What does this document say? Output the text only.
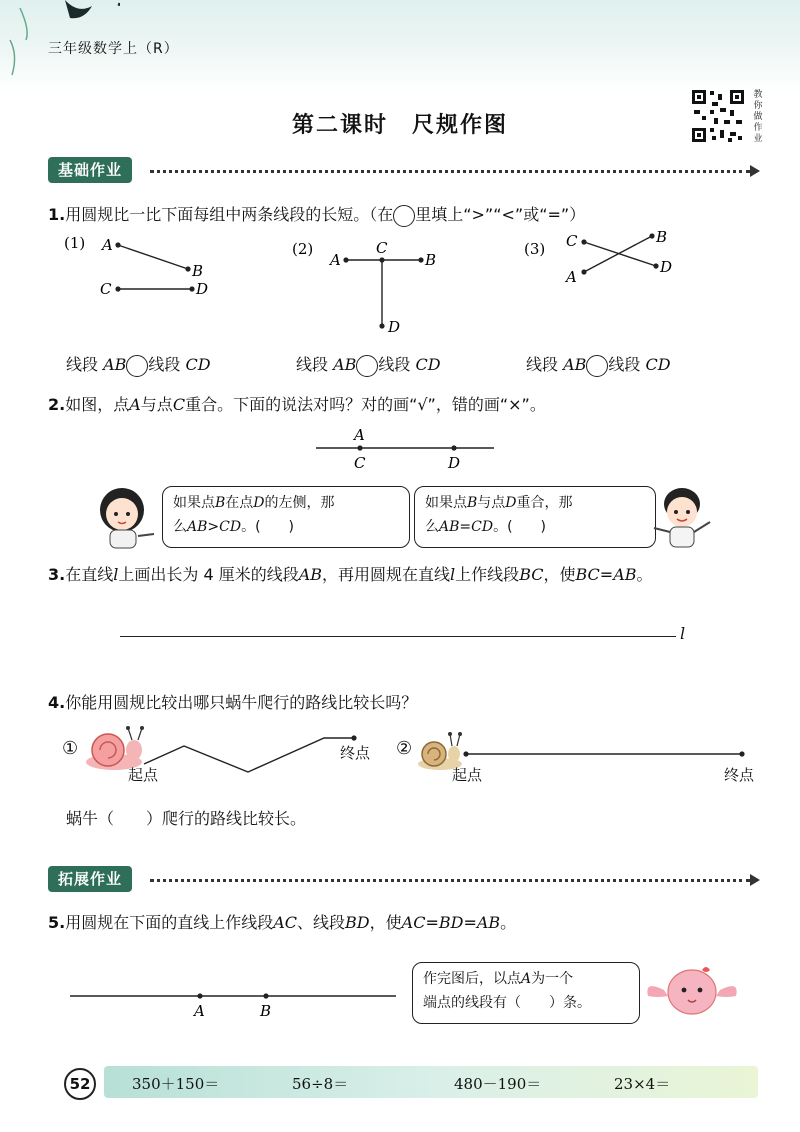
三年级数学上（R）
第二课时　尺规作图
教你做作业
基础作业
1.用圆规比一比下面每组中两条线段的长短。（在 里填上“>”“<”或“=”）
(1) A
B
C	D
(2)
A
C
B
D
(3) C	B
A
D
线段 AB 线段 CD	线段 AB 线段 CD	线段 AB 线段 CD
2.如图，点A与点C重合。下面的说法对吗？对的画“√”，错的画“×”。
A
C	D
如果点B在点D的左侧，那
么AB>CD。(　　)
如果点B与点D重合，那
么AB=CD。(　　)
3.在直线l上画出长为 4 厘米的线段AB，再用圆规在直线l上作线段BC，使BC=AB。
l
4.你能用圆规比较出哪只蜗牛爬行的路线比较长吗？
①
起点
终点 ②
起点	终点
蜗牛（　　）爬行的路线比较长。
拓展作业
5.用圆规在下面的直线上作线段AC、线段BD，使AC=BD=AB。
A	B
作完图后，以点A为一个
端点的线段有（　　）条。
52	350＋150＝	56÷8＝	480－190＝	23×4＝
